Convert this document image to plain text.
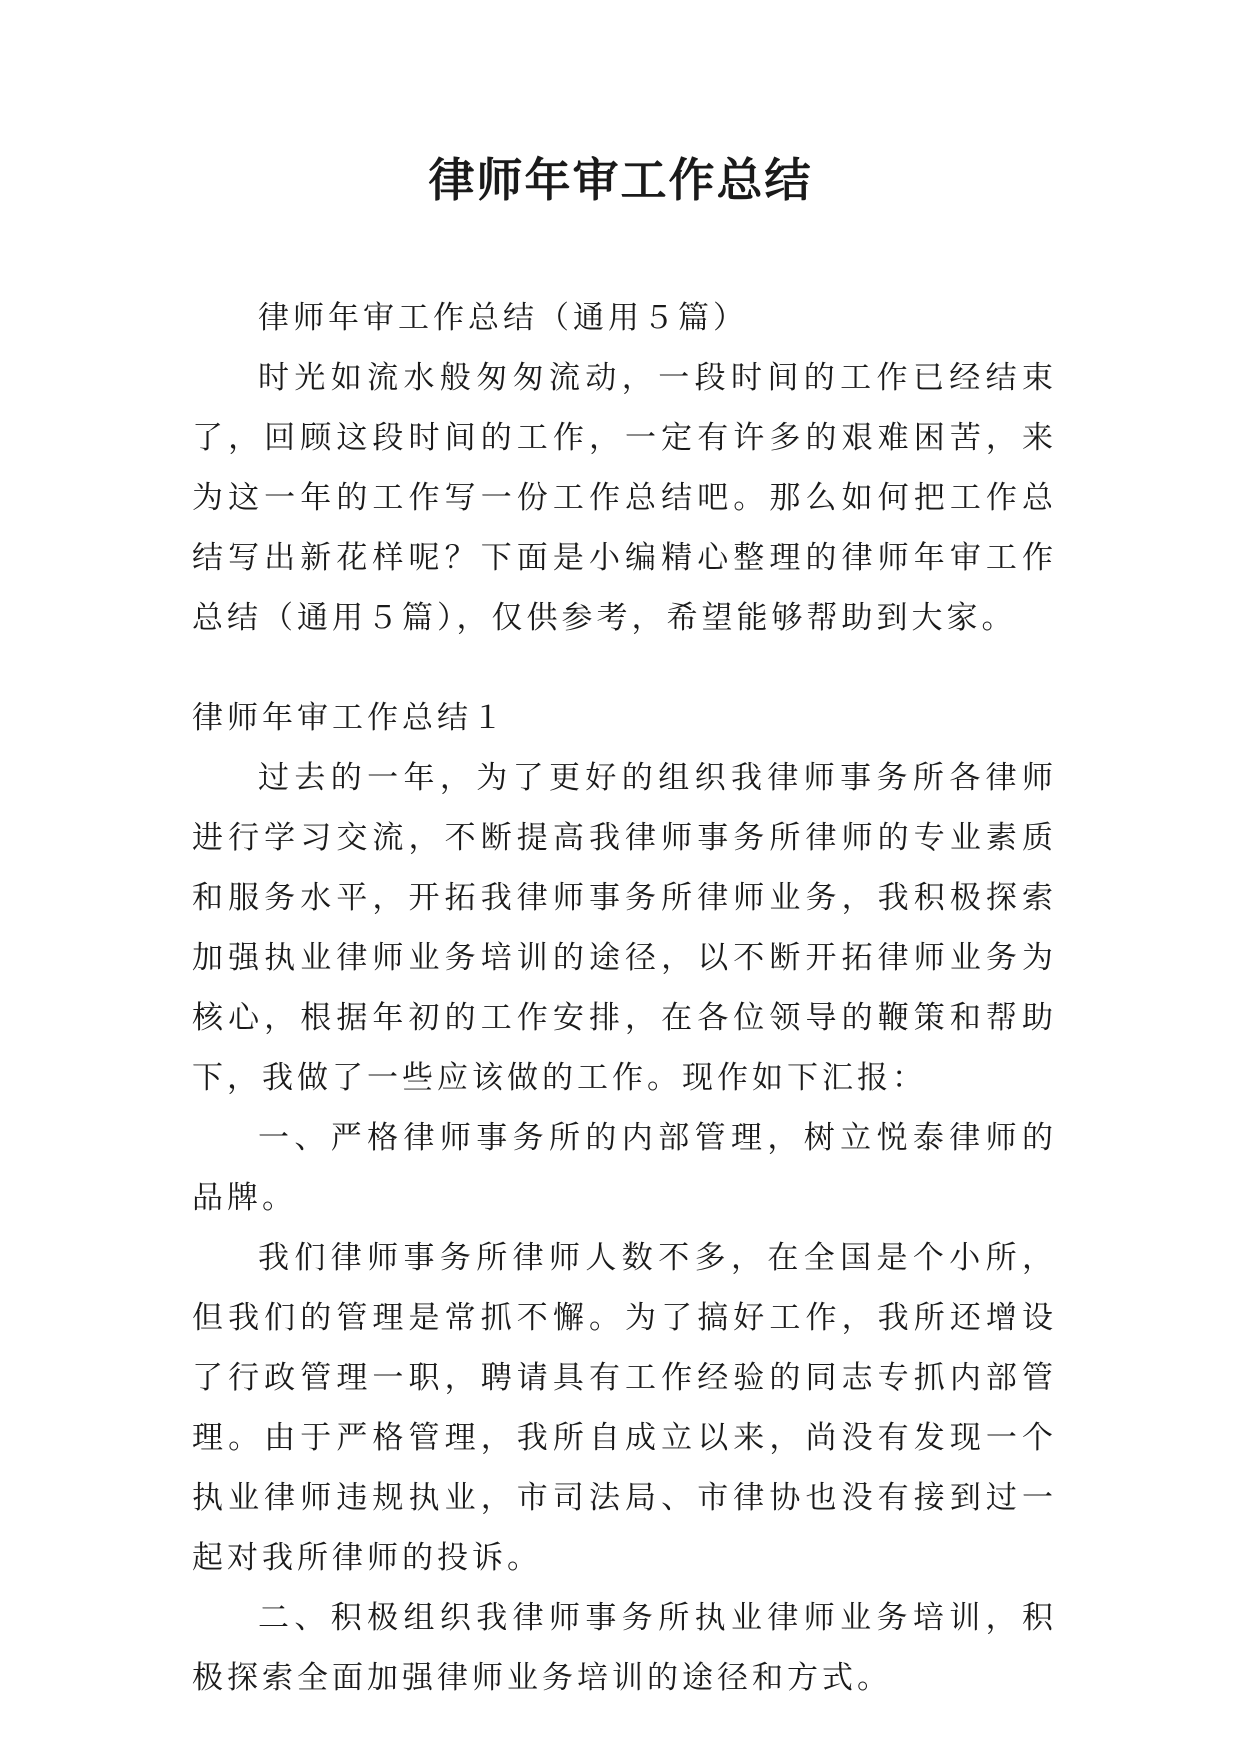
律师年审工作总结

律师年审工作总结（通用５篇）

时光如流水般匆匆流动，一段时间的工作已经结束了，回顾这段时间的工作，一定有许多的艰难困苦，来为这一年的工作写一份工作总结吧。那么如何把工作总结写出新花样呢？下面是小编精心整理的律师年审工作总结（通用５篇），仅供参考，希望能够帮助到大家。

律师年审工作总结１

过去的一年，为了更好的组织我律师事务所各律师进行学习交流，不断提高我律师事务所律师的专业素质和服务水平，开拓我律师事务所律师业务，我积极探索加强执业律师业务培训的途径，以不断开拓律师业务为核心，根据年初的工作安排，在各位领导的鞭策和帮助下，我做了一些应该做的工作。现作如下汇报：

一、严格律师事务所的内部管理，树立悦泰律师的品牌。

我们律师事务所律师人数不多，在全国是个小所，但我们的管理是常抓不懈。为了搞好工作，我所还增设了行政管理一职，聘请具有工作经验的同志专抓内部管理。由于严格管理，我所自成立以来，尚没有发现一个执业律师违规执业，市司法局、市律协也没有接到过一起对我所律师的投诉。

二、积极组织我律师事务所执业律师业务培训，积极探索全面加强律师业务培训的途径和方式。
